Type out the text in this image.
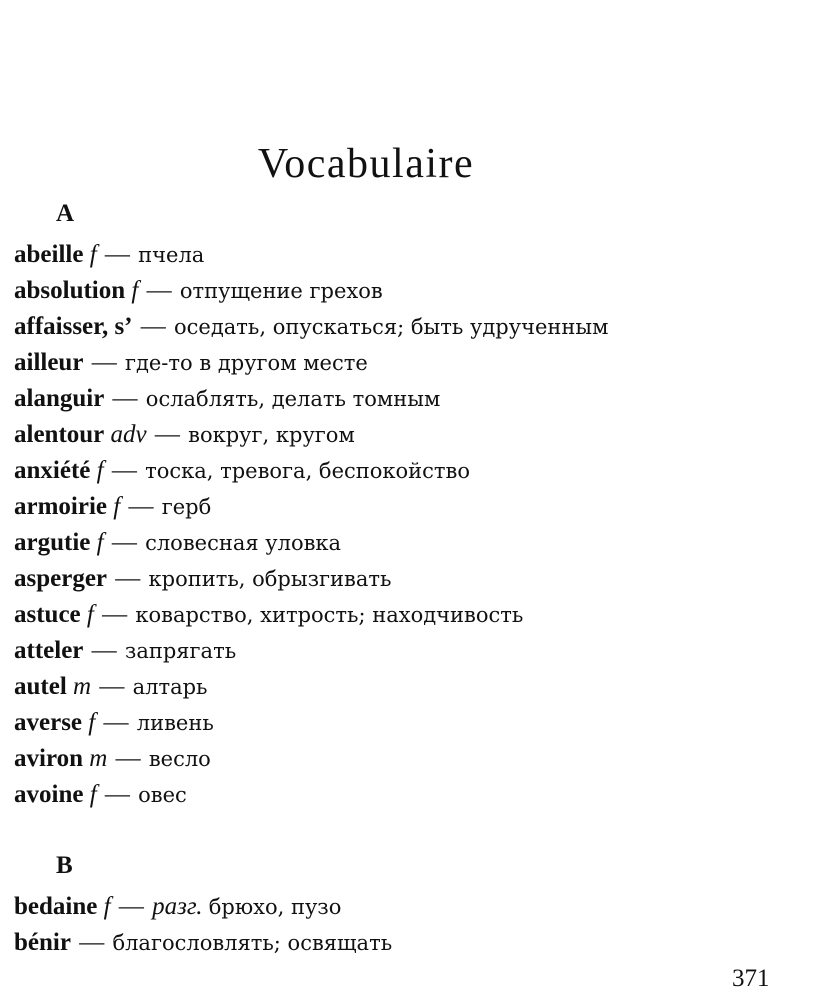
Vocabulaire
A
abeille f — пчела
absolution f — отпущение грехов
affaisser, s’ — оседать, опускаться; быть удрученным
ailleur — где-то в другом месте
alanguir — ослаблять, делать томным
alentour adv — вокруг, кругом
anxiété f — тоска, тревога, беспокойство
armoirie f — герб
argutie f — словесная уловка
asperger — кропить, обрызгивать
astuce f — коварство, хитрость; находчивость
atteler — запрягать
autel m — алтарь
averse f — ливень
aviron m — весло
avoine f — овес
B
bedaine f — разг. брюхо, пузо
bénir — благословлять; освящать
371
